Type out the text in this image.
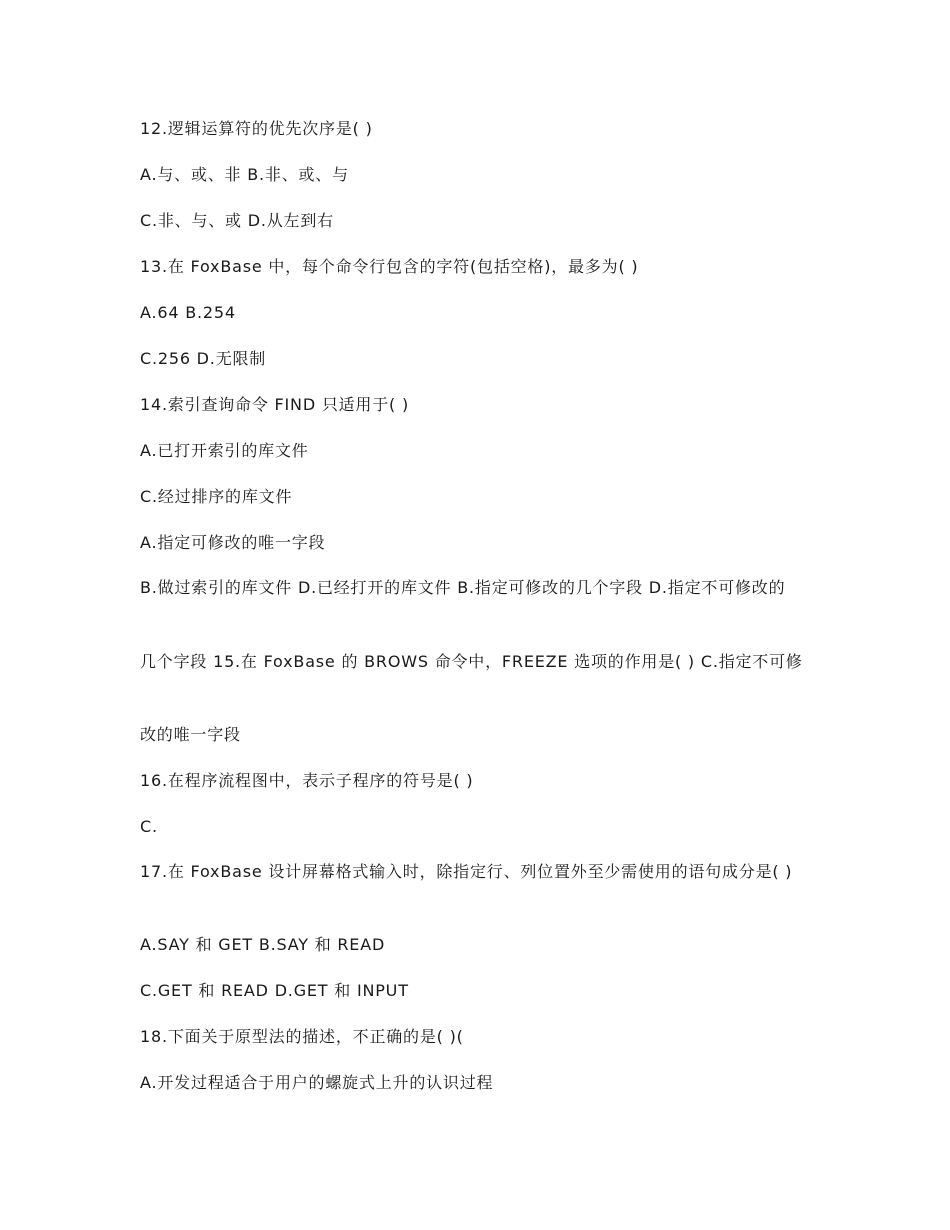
12.逻辑运算符的优先次序是( )
A.与、或、非 B.非、或、与
C.非、与、或 D.从左到右
13.在 FoxBase 中，每个命令行包含的字符(包括空格)，最多为( )
A.64 B.254
C.256 D.无限制
14.索引查询命令 FIND 只适用于( )
A.已打开索引的库文件
C.经过排序的库文件
A.指定可修改的唯一字段
B.做过索引的库文件 D.已经打开的库文件 B.指定可修改的几个字段 D.指定不可修改的
几个字段 15.在 FoxBase 的 BROWS 命令中，FREEZE 选项的作用是( ) C.指定不可修
改的唯一字段
16.在程序流程图中，表示子程序的符号是( )
C.
17.在 FoxBase 设计屏幕格式输入时，除指定行、列位置外至少需使用的语句成分是( )
A.SAY 和 GET B.SAY 和 READ
C.GET 和 READ D.GET 和 INPUT
18.下面关于原型法的描述，不正确的是( )(
A.开发过程适合于用户的螺旋式上升的认识过程
